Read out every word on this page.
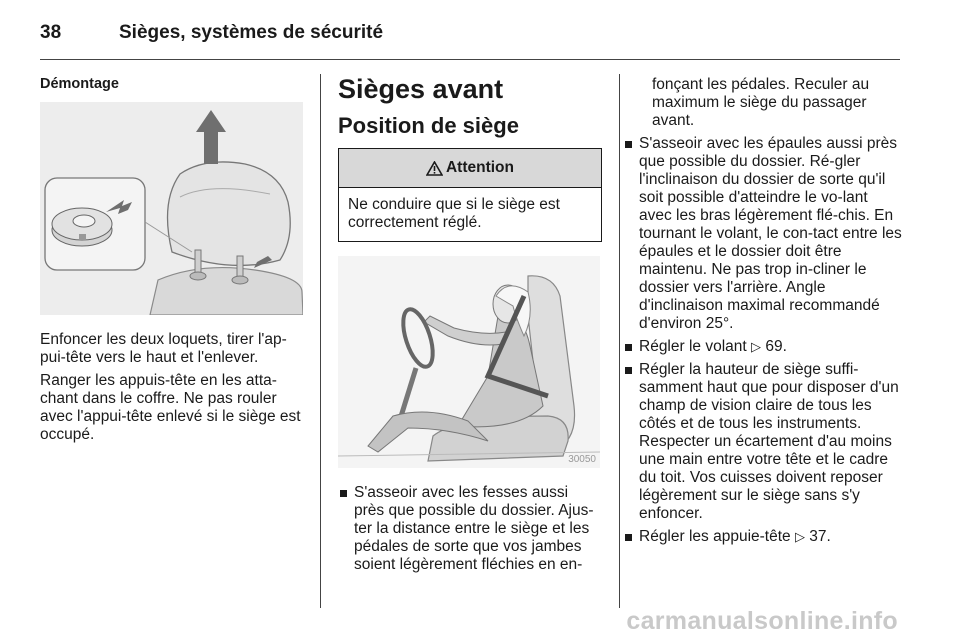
38	Sièges, systèmes de sécurité
Démontage

Enfoncer les deux loquets, tirer l'ap-pui-tête vers le haut et l'enlever.

Ranger les appuis-tête en les atta-chant dans le coffre. Ne pas rouler avec l'appui-tête enlevé si le siège est occupé.

Sièges avant
Position de siège
Attention
Ne conduire que si le siège est correctement réglé.
30050
S'asseoir avec les fesses aussi près que possible du dossier. Ajus-ter la distance entre le siège et les pédales de sorte que vos jambes soient légèrement fléchies en en-

fonçant les pédales. Reculer au maximum le siège du passager avant.

S'asseoir avec les épaules aussi près que possible du dossier. Ré-gler l'inclinaison du dossier de sorte qu'il soit possible d'atteindre le vo-lant avec les bras légèrement flé-chis. En tournant le volant, le con-tact entre les épaules et le dossier doit être maintenu. Ne pas trop in-cliner le dossier vers l'arrière. Angle d'inclinaison maximal recommandé d'environ 25°.
Régler le volant ▷ 69.
Régler la hauteur de siège suffi-samment haut que pour disposer d'un champ de vision claire de tous les côtés et de tous les instruments. Respecter un écartement d'au moins une main entre votre tête et le cadre du toit. Vos cuisses doivent reposer légèrement sur le siège sans s'y enfoncer.
Régler les appuie-tête ▷ 37.
carmanualsonline.info
